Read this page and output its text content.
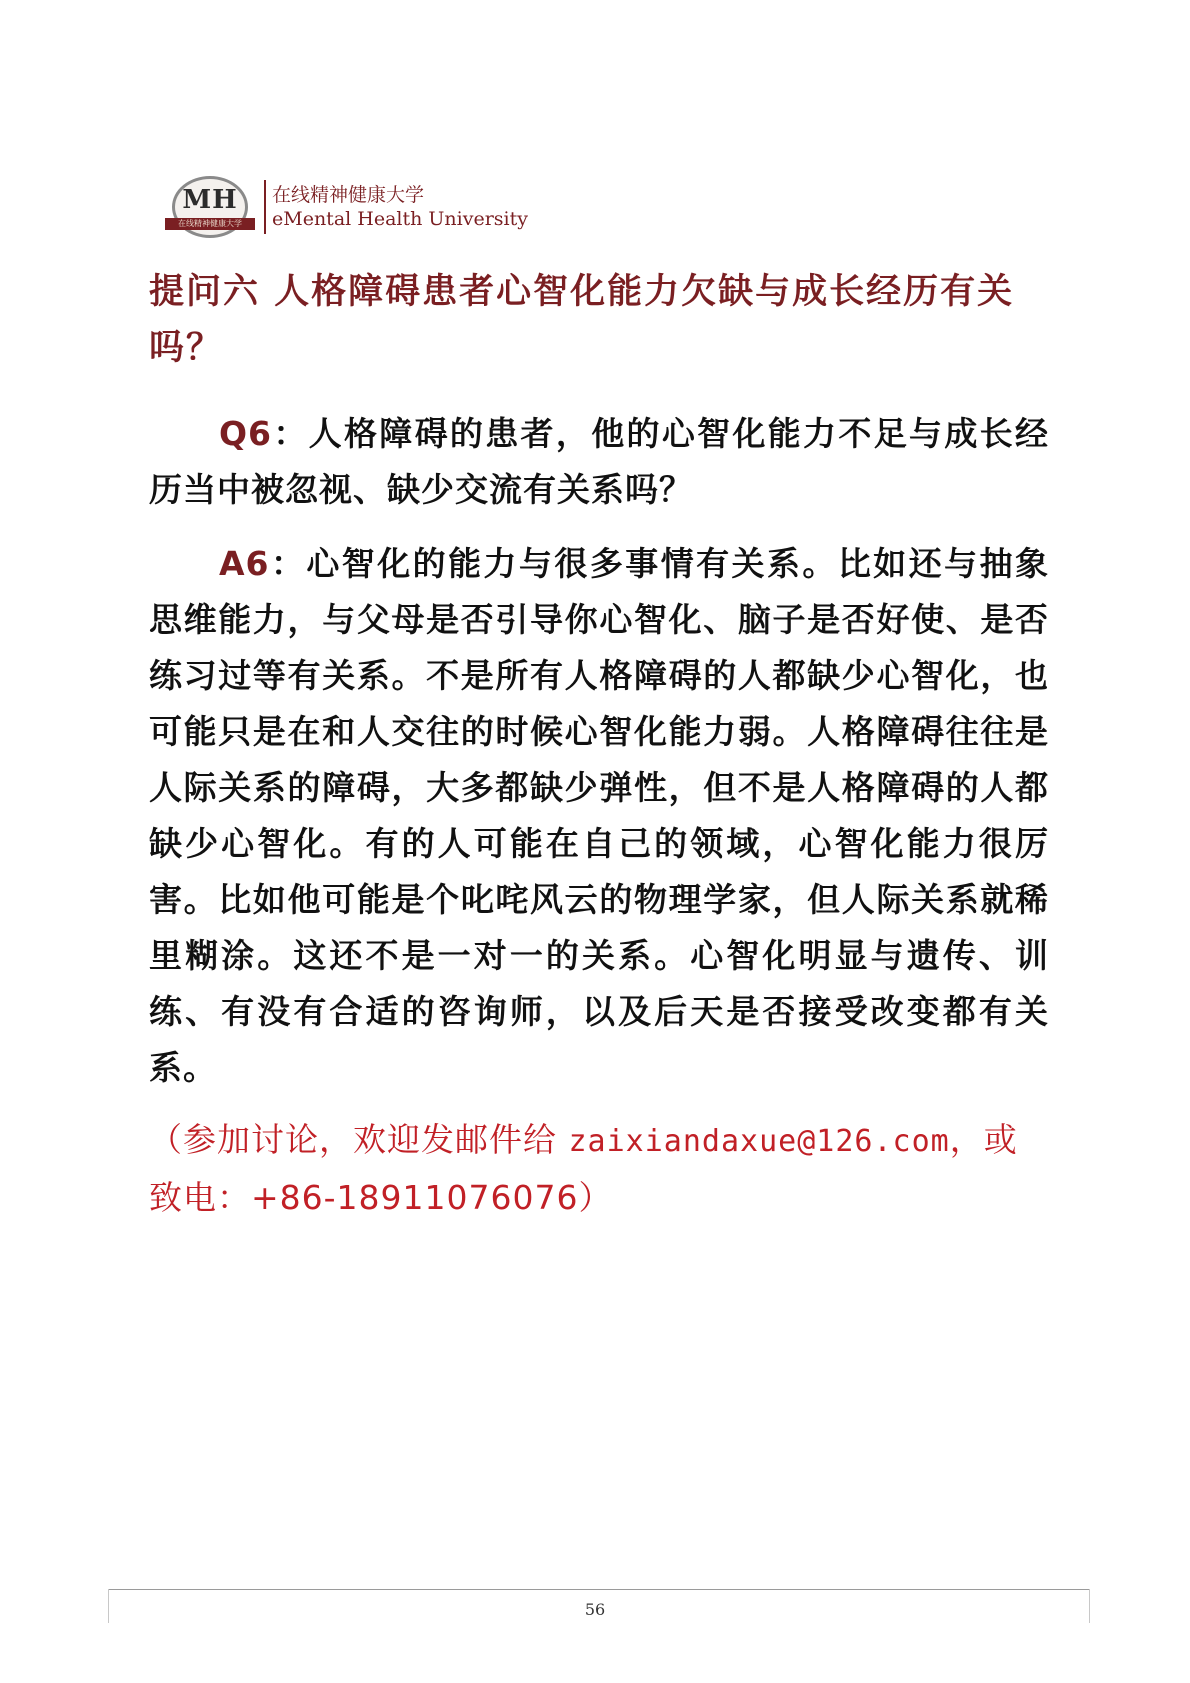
MH
在线精神健康大学
在线精神健康大学
eMental Health University
提问六 人格障碍患者心智化能力欠缺与成长经历有关吗？

Q6：人格障碍的患者，他的心智化能力不足与成长经历当中被忽视、缺少交流有关系吗？

A6：心智化的能力与很多事情有关系。比如还与抽象思维能力，与父母是否引导你心智化、脑子是否好使、是否练习过等有关系。不是所有人格障碍的人都缺少心智化，也可能只是在和人交往的时候心智化能力弱。人格障碍往往是人际关系的障碍，大多都缺少弹性，但不是人格障碍的人都缺少心智化。有的人可能在自己的领域，心智化能力很厉害。比如他可能是个叱咤风云的物理学家，但人际关系就稀里糊涂。这还不是一对一的关系。心智化明显与遗传、训练、有没有合适的咨询师，以及后天是否接受改变都有关系。

（参加讨论，欢迎发邮件给 zaixiandaxue@126.com，或致电：+86-18911076076）

56
